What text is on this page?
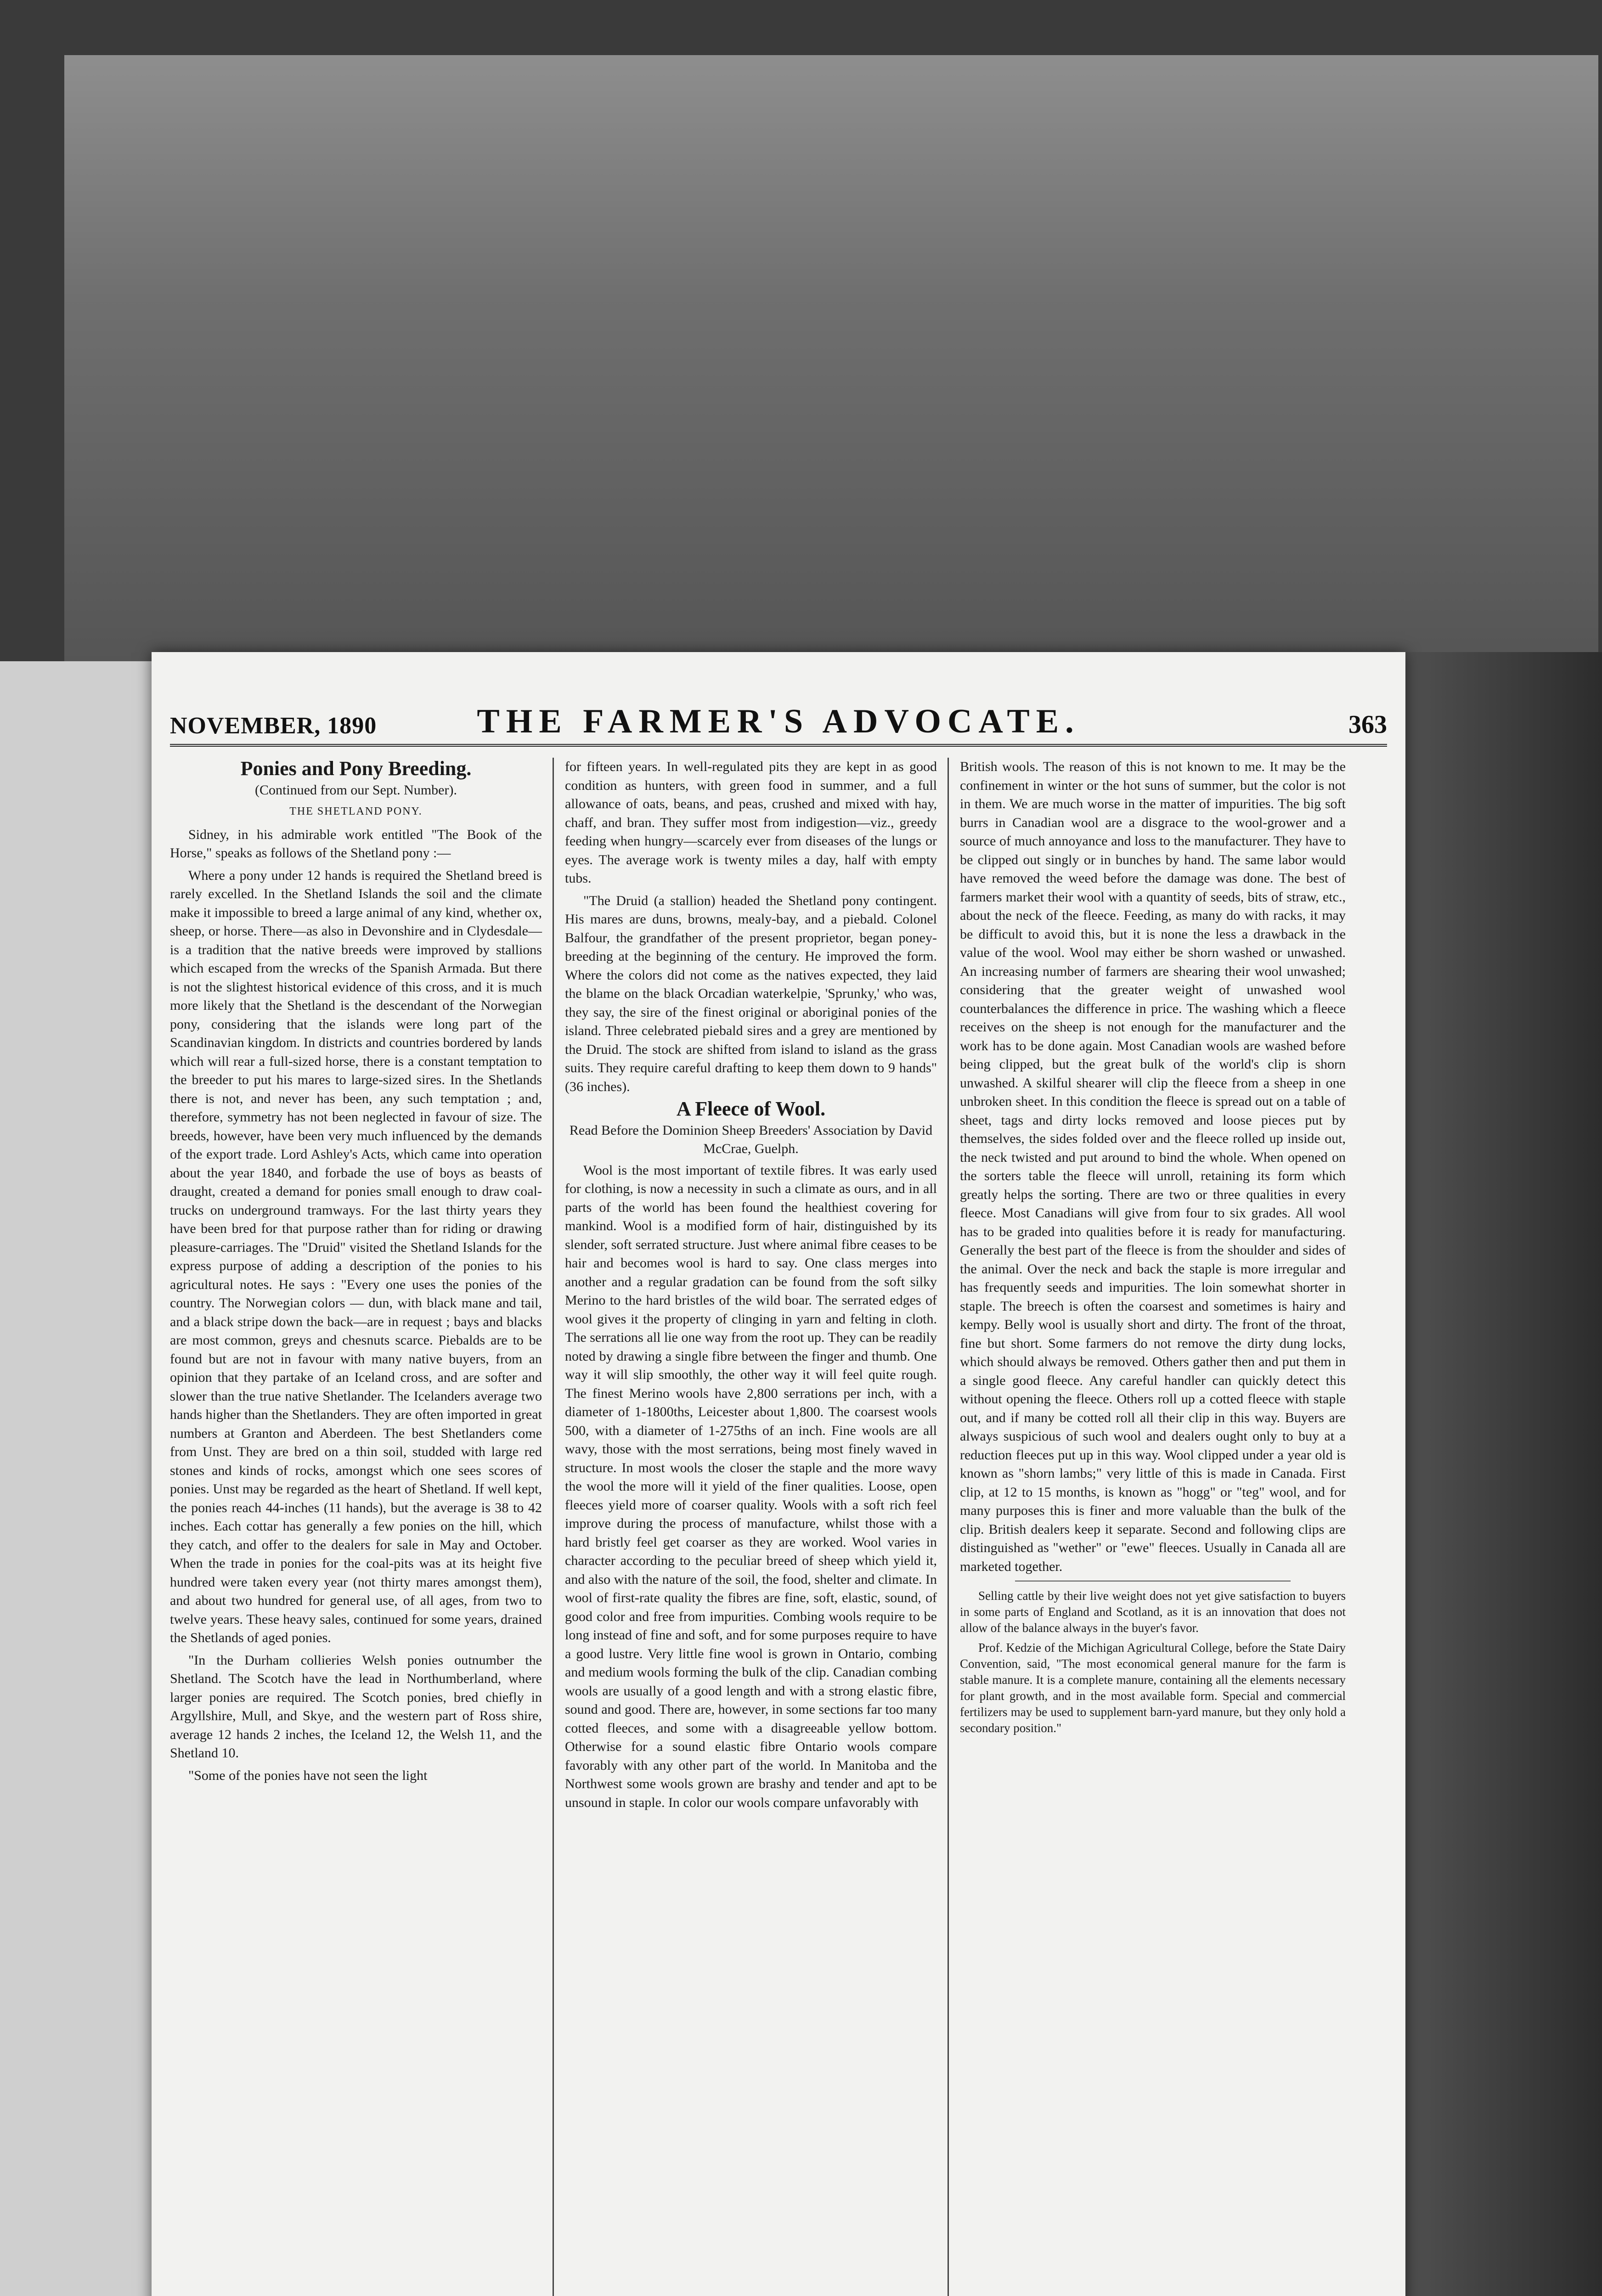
NOVEMBER, 1890	THE FARMER'S ADVOCATE.	363
Ponies and Pony Breeding.
(Continued from our Sept. Number).
THE SHETLAND PONY.

Sidney, in his admirable work entitled "The Book of the Horse," speaks as follows of the Shetland pony :—

Where a pony under 12 hands is required the Shetland breed is rarely excelled. In the Shetland Islands the soil and the climate make it impossible to breed a large animal of any kind, whether ox, sheep, or horse. There—as also in Devonshire and in Clydesdale—is a tradition that the native breeds were improved by stallions which escaped from the wrecks of the Spanish Armada. But there is not the slightest historical evidence of this cross, and it is much more likely that the Shetland is the descendant of the Norwegian pony, considering that the islands were long part of the Scandinavian kingdom. In districts and countries bordered by lands which will rear a full-sized horse, there is a constant temptation to the breeder to put his mares to large-sized sires. In the Shetlands there is not, and never has been, any such temptation ; and, therefore, symmetry has not been neglected in favour of size. The breeds, however, have been very much influenced by the demands of the export trade. Lord Ashley's Acts, which came into operation about the year 1840, and forbade the use of boys as beasts of draught, created a demand for ponies small enough to draw coal-trucks on underground tramways. For the last thirty years they have been bred for that purpose rather than for riding or drawing pleasure-carriages. The "Druid" visited the Shetland Islands for the express purpose of adding a description of the ponies to his agricultural notes. He says : "Every one uses the ponies of the country. The Norwegian colors — dun, with black mane and tail, and a black stripe down the back—are in request ; bays and blacks are most common, greys and chesnuts scarce. Piebalds are to be found but are not in favour with many native buyers, from an opinion that they partake of an Iceland cross, and are softer and slower than the true native Shetlander. The Icelanders average two hands higher than the Shetlanders. They are often imported in great numbers at Granton and Aberdeen. The best Shetlanders come from Unst. They are bred on a thin soil, studded with large red stones and kinds of rocks, amongst which one sees scores of ponies. Unst may be regarded as the heart of Shetland. If well kept, the ponies reach 44-inches (11 hands), but the average is 38 to 42 inches. Each cottar has generally a few ponies on the hill, which they catch, and offer to the dealers for sale in May and October. When the trade in ponies for the coal-pits was at its height five hundred were taken every year (not thirty mares amongst them), and about two hundred for general use, of all ages, from two to twelve years. These heavy sales, continued for some years, drained the Shetlands of aged ponies.

"In the Durham collieries Welsh ponies outnumber the Shetland. The Scotch have the lead in Northumberland, where larger ponies are required. The Scotch ponies, bred chiefly in Argyllshire, Mull, and Skye, and the western part of Ross shire, average 12 hands 2 inches, the Iceland 12, the Welsh 11, and the Shetland 10.

"Some of the ponies have not seen the light

for fifteen years. In well-regulated pits they are kept in as good condition as hunters, with green food in summer, and a full allowance of oats, beans, and peas, crushed and mixed with hay, chaff, and bran. They suffer most from indigestion—viz., greedy feeding when hungry—scarcely ever from diseases of the lungs or eyes. The average work is twenty miles a day, half with empty tubs.

"The Druid (a stallion) headed the Shetland pony contingent. His mares are duns, browns, mealy-bay, and a piebald. Colonel Balfour, the grandfather of the present proprietor, began poney-breeding at the beginning of the century. He improved the form. Where the colors did not come as the natives expected, they laid the blame on the black Orcadian waterkelpie, 'Sprunky,' who was, they say, the sire of the finest original or aboriginal ponies of the island. Three celebrated piebald sires and a grey are mentioned by the Druid. The stock are shifted from island to island as the grass suits. They require careful drafting to keep them down to 9 hands" (36 inches).

A Fleece of Wool.
Read Before the Dominion Sheep Breeders' Association by David McCrae, Guelph.

Wool is the most important of textile fibres. It was early used for clothing, is now a necessity in such a climate as ours, and in all parts of the world has been found the healthiest covering for mankind. Wool is a modified form of hair, distinguished by its slender, soft serrated structure. Just where animal fibre ceases to be hair and becomes wool is hard to say. One class merges into another and a regular gradation can be found from the soft silky Merino to the hard bristles of the wild boar. The serrated edges of wool gives it the property of clinging in yarn and felting in cloth. The serrations all lie one way from the root up. They can be readily noted by drawing a single fibre between the finger and thumb. One way it will slip smoothly, the other way it will feel quite rough. The finest Merino wools have 2,800 serrations per inch, with a diameter of 1-1800ths, Leicester about 1,800. The coarsest wools 500, with a diameter of 1-275ths of an inch. Fine wools are all wavy, those with the most serrations, being most finely waved in structure. In most wools the closer the staple and the more wavy the wool the more will it yield of the finer qualities. Loose, open fleeces yield more of coarser quality. Wools with a soft rich feel improve during the process of manufacture, whilst those with a hard bristly feel get coarser as they are worked. Wool varies in character according to the peculiar breed of sheep which yield it, and also with the nature of the soil, the food, shelter and climate. In wool of first-rate quality the fibres are fine, soft, elastic, sound, of good color and free from impurities. Combing wools require to be long instead of fine and soft, and for some purposes require to have a good lustre. Very little fine wool is grown in Ontario, combing and medium wools forming the bulk of the clip. Canadian combing wools are usually of a good length and with a strong elastic fibre, sound and good. There are, however, in some sections far too many cotted fleeces, and some with a disagreeable yellow bottom. Otherwise for a sound elastic fibre Ontario wools compare favorably with any other part of the world. In Manitoba and the Northwest some wools grown are brashy and tender and apt to be unsound in staple. In color our wools compare unfavorably with

British wools. The reason of this is not known to me. It may be the confinement in winter or the hot suns of summer, but the color is not in them. We are much worse in the matter of impurities. The big soft burrs in Canadian wool are a disgrace to the wool-grower and a source of much annoyance and loss to the manufacturer. They have to be clipped out singly or in bunches by hand. The same labor would have removed the weed before the damage was done. The best of farmers market their wool with a quantity of seeds, bits of straw, etc., about the neck of the fleece. Feeding, as many do with racks, it may be difficult to avoid this, but it is none the less a drawback in the value of the wool. Wool may either be shorn washed or unwashed. An increasing number of farmers are shearing their wool unwashed; considering that the greater weight of unwashed wool counterbalances the difference in price. The washing which a fleece receives on the sheep is not enough for the manufacturer and the work has to be done again. Most Canadian wools are washed before being clipped, but the great bulk of the world's clip is shorn unwashed. A skilful shearer will clip the fleece from a sheep in one unbroken sheet. In this condition the fleece is spread out on a table of sheet, tags and dirty locks removed and loose pieces put by themselves, the sides folded over and the fleece rolled up inside out, the neck twisted and put around to bind the whole. When opened on the sorters table the fleece will unroll, retaining its form which greatly helps the sorting. There are two or three qualities in every fleece. Most Canadians will give from four to six grades. All wool has to be graded into qualities before it is ready for manufacturing. Generally the best part of the fleece is from the shoulder and sides of the animal. Over the neck and back the staple is more irregular and has frequently seeds and impurities. The loin somewhat shorter in staple. The breech is often the coarsest and sometimes is hairy and kempy. Belly wool is usually short and dirty. The front of the throat, fine but short. Some farmers do not remove the dirty dung locks, which should always be removed. Others gather then and put them in a single good fleece. Any careful handler can quickly detect this without opening the fleece. Others roll up a cotted fleece with staple out, and if many be cotted roll all their clip in this way. Buyers are always suspicious of such wool and dealers ought only to buy at a reduction fleeces put up in this way. Wool clipped under a year old is known as "shorn lambs;" very little of this is made in Canada. First clip, at 12 to 15 months, is known as "hogg" or "teg" wool, and for many purposes this is finer and more valuable than the bulk of the clip. British dealers keep it separate. Second and following clips are distinguished as "wether" or "ewe" fleeces. Usually in Canada all are marketed together.

Selling cattle by their live weight does not yet give satisfaction to buyers in some parts of England and Scotland, as it is an innovation that does not allow of the balance always in the buyer's favor.

Prof. Kedzie of the Michigan Agricultural College, before the State Dairy Convention, said, "The most economical general manure for the farm is stable manure. It is a complete manure, containing all the elements necessary for plant growth, and in the most available form. Special and commercial fertilizers may be used to supplement barn-yard manure, but they only hold a secondary position."
